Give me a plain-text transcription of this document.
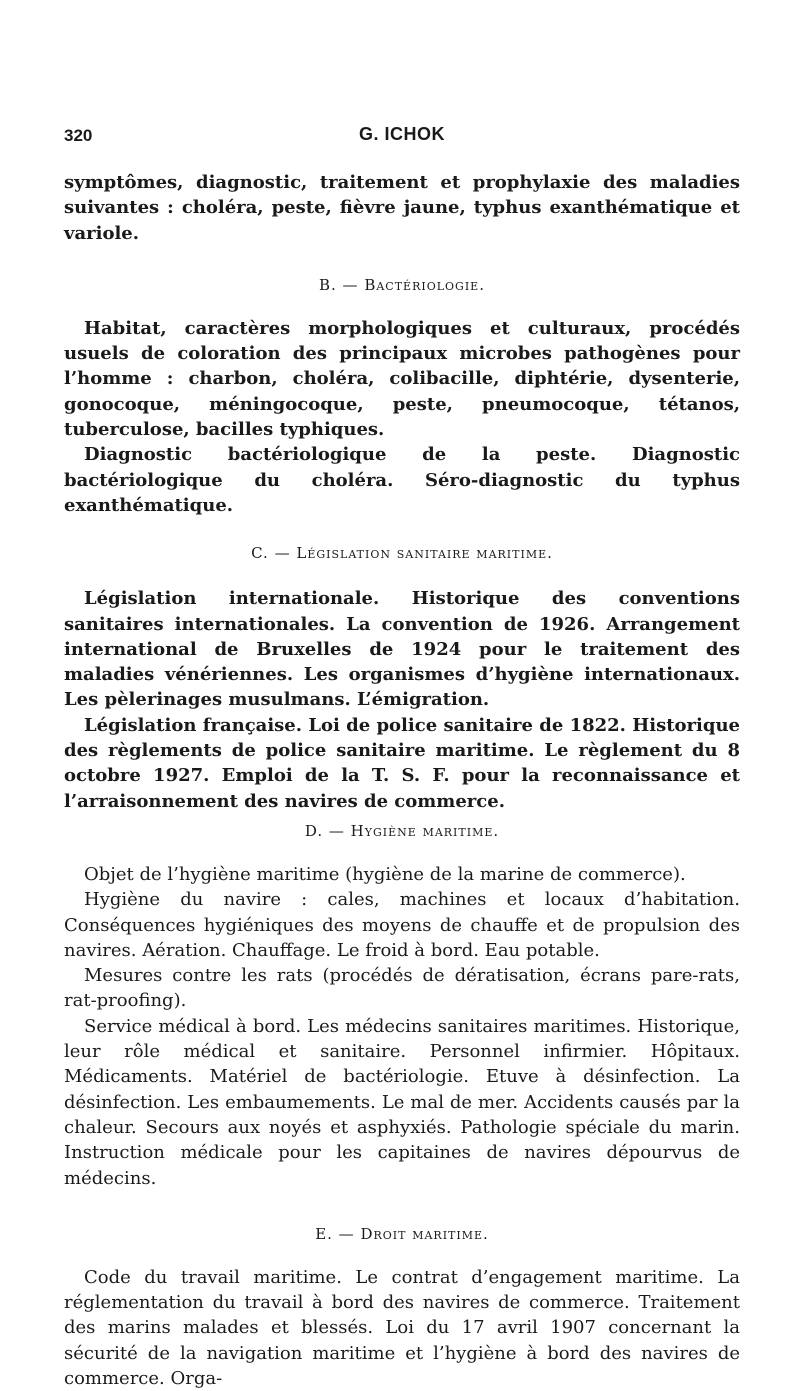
320	G. ICHOK

symptômes, diagnostic, traitement et prophylaxie des maladies suivantes : choléra, peste, fièvre jaune, typhus exanthématique et variole.

B. — Bactériologie.

Habitat, caractères morphologiques et culturaux, procédés usuels de coloration des principaux microbes pathogènes pour l’homme : charbon, choléra, colibacille, diphtérie, dysenterie, gonocoque, méningocoque, peste, pneumocoque, tétanos, tuberculose, bacilles typhiques.

Diagnostic bactériologique de la peste. Diagnostic bactériologique du choléra. Séro-diagnostic du typhus exanthématique.

C. — Législation sanitaire maritime.

Législation internationale. Historique des conventions sanitaires internationales. La convention de 1926. Arrangement international de Bruxelles de 1924 pour le traitement des maladies vénériennes. Les organismes d’hygiène internationaux. Les pèlerinages musulmans. L’émigration.

Législation française. Loi de police sanitaire de 1822. Historique des règlements de police sanitaire maritime. Le règlement du 8 octobre 1927. Emploi de la T. S. F. pour la reconnaissance et l’arraisonnement des navires de commerce.

D. — Hygiène maritime.

Objet de l’hygiène maritime (hygiène de la marine de commerce).

Hygiène du navire : cales, machines et locaux d’habitation. Conséquences hygiéniques des moyens de chauffe et de propulsion des navires. Aération. Chauffage. Le froid à bord. Eau potable.

Mesures contre les rats (procédés de dératisation, écrans pare-rats, rat-proofing).

Service médical à bord. Les médecins sanitaires maritimes. Historique, leur rôle médical et sanitaire. Personnel infirmier. Hôpitaux. Médicaments. Matériel de bactériologie. Etuve à désinfection. La désinfection. Les embaumements. Le mal de mer. Accidents causés par la chaleur. Secours aux noyés et asphyxiés. Pathologie spéciale du marin. Instruction médicale pour les capitaines de navires dépourvus de médecins.

E. — Droit maritime.

Code du travail maritime. Le contrat d’engagement maritime. La réglementation du travail à bord des navires de commerce. Traitement des marins malades et blessés. Loi du 17 avril 1907 concernant la sécurité de la navigation maritime et l’hygiène à bord des navires de commerce. Orga-
